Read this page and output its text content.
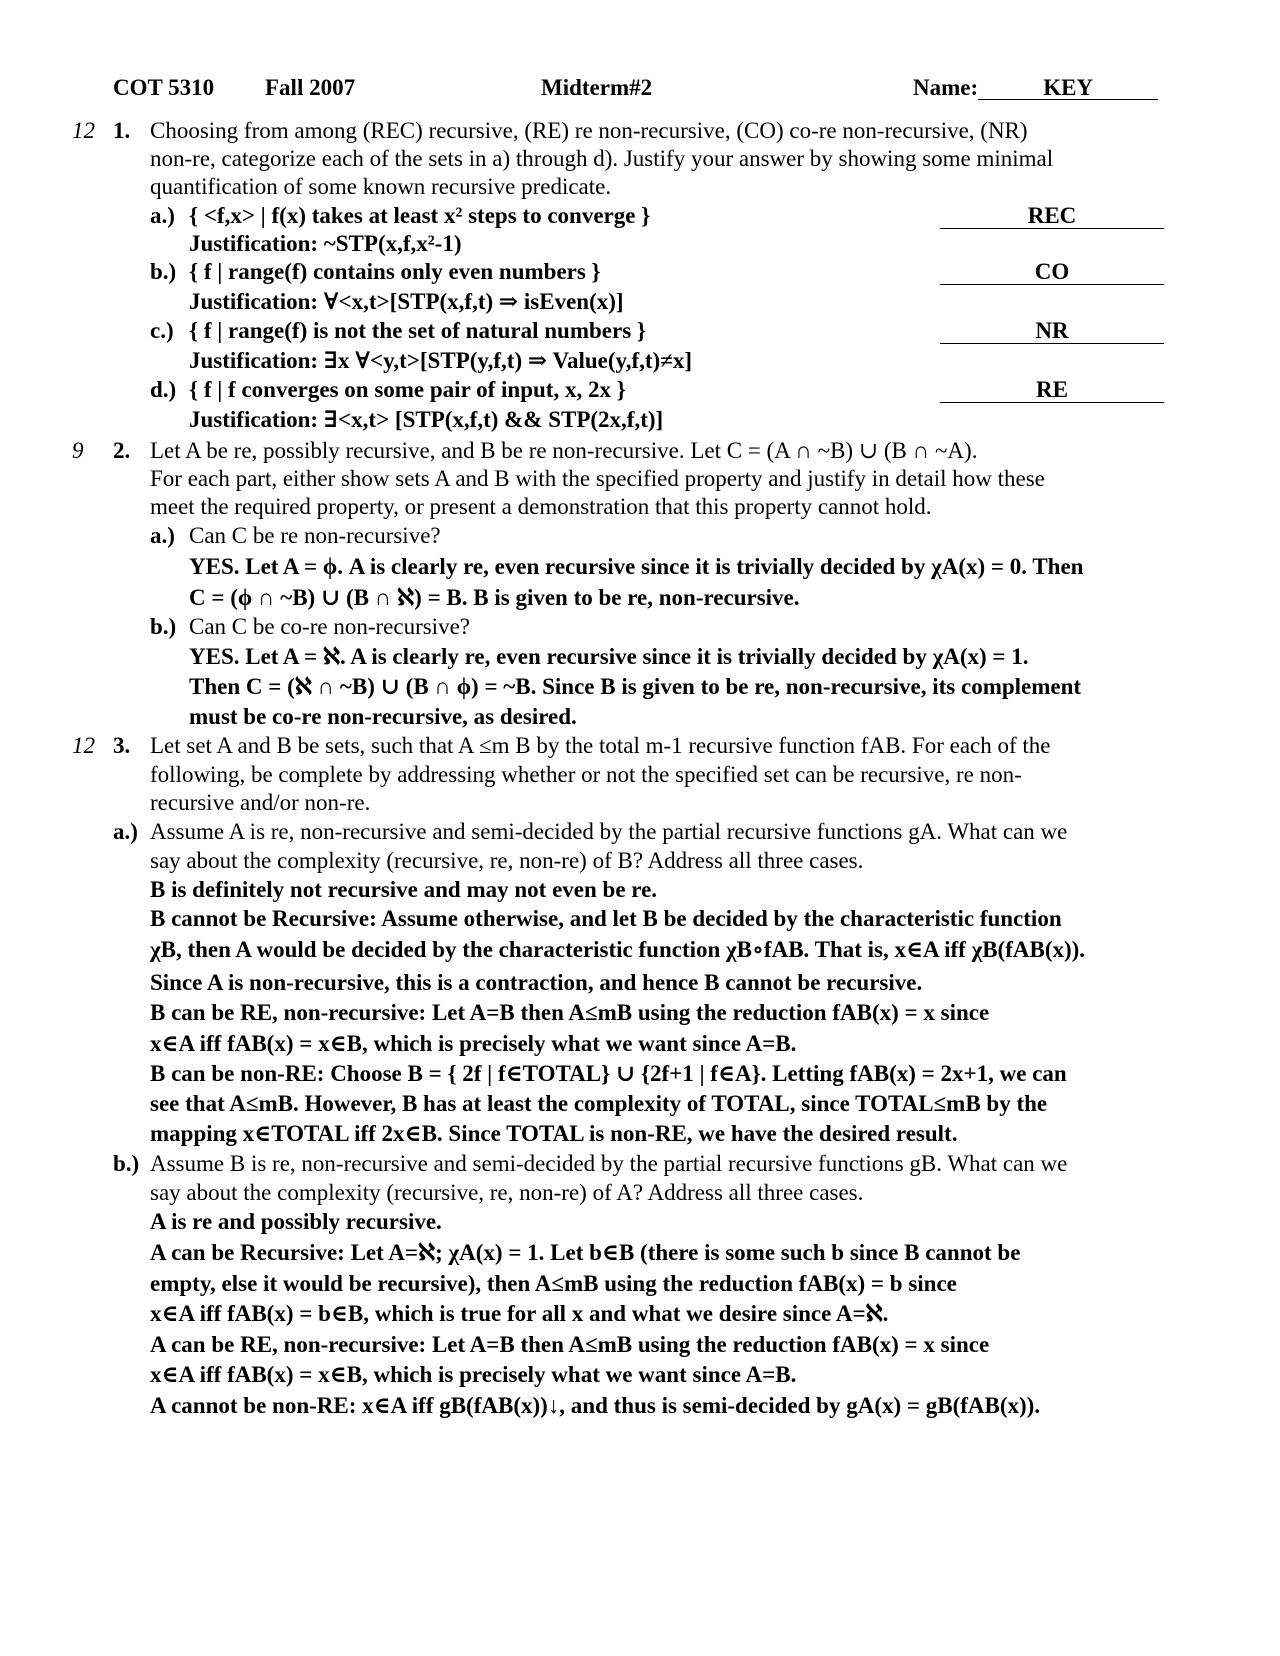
COT 5310 Fall 2007	Midterm#2	Name:	KEY
12 1. Choosing from among (REC) recursive, (RE) re non-recursive, (CO) co-re non-recursive, (NR)
non-re, categorize each of the sets in a) through d). Justify your answer by showing some minimal
quantification of some known recursive predicate.
a.) { <f,x> | f(x) takes at least x² steps to converge }	REC
Justification: ~STP(x,f,x²-1)
b.) { f | range(f) contains only even numbers }	CO
Justification: ∀<x,t>[STP(x,f,t) ⇒ isEven(x)]
c.) { f | range(f) is not the set of natural numbers }	NR
Justification: ∃x ∀<y,t>[STP(y,f,t) ⇒ Value(y,f,t)≠x]
d.) { f | f converges on some pair of input, x, 2x }	RE
Justification: ∃<x,t> [STP(x,f,t) && STP(2x,f,t)]
9 2. Let A be re, possibly recursive, and B be re non-recursive. Let C = (A ∩ ~B) ∪ (B ∩ ~A).
For each part, either show sets A and B with the specified property and justify in detail how these
meet the required property, or present a demonstration that this property cannot hold.
a.) Can C be re non-recursive?
YES. Let A = ϕ. A is clearly re, even recursive since it is trivially decided by χA(x) = 0. Then
C = (ϕ ∩ ~B) ∪ (B ∩ ℵ) = B. B is given to be re, non-recursive.
b.) Can C be co-re non-recursive?
YES. Let A = ℵ. A is clearly re, even recursive since it is trivially decided by χA(x) = 1.
Then C = (ℵ ∩ ~B) ∪ (B ∩ ϕ) = ~B. Since B is given to be re, non-recursive, its complement
must be co-re non-recursive, as desired.
12 3. Let set A and B be sets, such that A ≤m B by the total m-1 recursive function fAB. For each of the
following, be complete by addressing whether or not the specified set can be recursive, re non-
recursive and/or non-re.
a.) Assume A is re, non-recursive and semi-decided by the partial recursive functions gA. What can we
say about the complexity (recursive, re, non-re) of B? Address all three cases.
B is definitely not recursive and may not even be re.
B cannot be Recursive: Assume otherwise, and let B be decided by the characteristic function
χB, then A would be decided by the characteristic function χB∘fAB. That is, x∈A iff χB(fAB(x)).
Since A is non-recursive, this is a contraction, and hence B cannot be recursive.
B can be RE, non-recursive: Let A=B then A≤mB using the reduction fAB(x) = x since
x∈A iff fAB(x) = x∈B, which is precisely what we want since A=B.
B can be non-RE: Choose B = { 2f | f∈TOTAL} ∪ {2f+1 | f∈A}. Letting fAB(x) = 2x+1, we can
see that A≤mB. However, B has at least the complexity of TOTAL, since TOTAL≤mB by the
mapping x∈TOTAL iff 2x∈B. Since TOTAL is non-RE, we have the desired result.
b.) Assume B is re, non-recursive and semi-decided by the partial recursive functions gB. What can we
say about the complexity (recursive, re, non-re) of A? Address all three cases.
A is re and possibly recursive.
A can be Recursive: Let A=ℵ; χA(x) = 1. Let b∈B (there is some such b since B cannot be
empty, else it would be recursive), then A≤mB using the reduction fAB(x) = b since
x∈A iff fAB(x) = b∈B, which is true for all x and what we desire since A=ℵ.
A can be RE, non-recursive: Let A=B then A≤mB using the reduction fAB(x) = x since
x∈A iff fAB(x) = x∈B, which is precisely what we want since A=B.
A cannot be non-RE: x∈A iff gB(fAB(x))↓, and thus is semi-decided by gA(x) = gB(fAB(x)).
